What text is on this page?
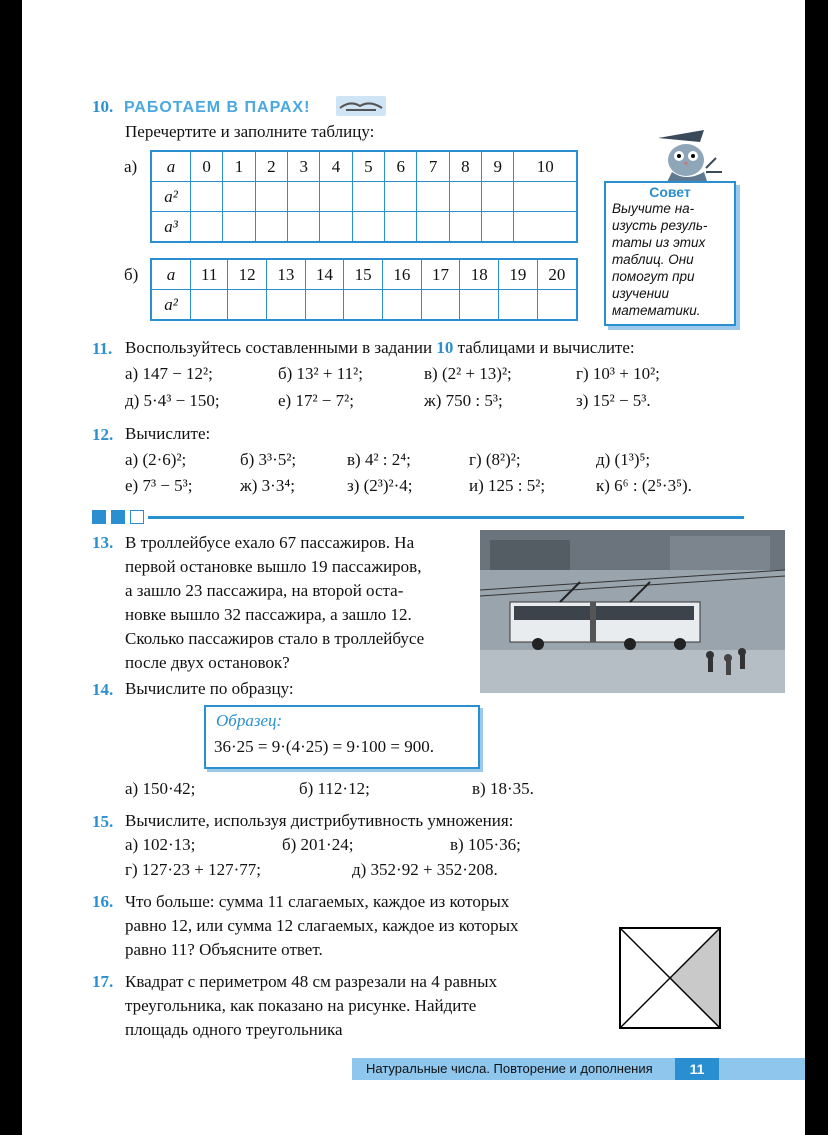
10. РАБОТАЕМ В ПАРАХ!
Перечертите и заполните таблицу:
а) a	0	1	2	3	4	5	6	7	8	9	10
a²											
a³											
б) a	11	12	13	14	15	16	17	18	19	20
a²										
Совет
Выучите на-
изусть резуль-
таты из этих
таблиц. Они
помогут при
изучении
математики.
11. Воспользуйтесь составленными в задании 10 таблицами и вычислите:
а) 147 − 12²;	б) 13² + 11²;	в) (2² + 13)²;	г) 10³ + 10²;
д) 5·4³ − 150;	е) 17² − 7²;	ж) 750 : 5³;	з) 15² − 5³.
12. Вычислите:
а) (2·6)²;	б) 3³·5²;	в) 4² : 2⁴;	г) (8²)²;	д) (1³)⁵;
е) 7³ − 5³;	ж) 3·3⁴;	з) (2³)²·4;	и) 125 : 5²;	к) 6⁶ : (2⁵·3⁵).
13. В троллейбусе ехало 67 пассажиров. На
первой остановке вышло 19 пассажиров,
а зашло 23 пассажира, на второй оста-
новке вышло 32 пассажира, а зашло 12.
Сколько пассажиров стало в троллейбусе
после двух остановок?
14. Вычислите по образцу:
Образец:
36·25 = 9·(4·25) = 9·100 = 900.
а) 150·42;	б) 112·12;	в) 18·35.
15. Вычислите, используя дистрибутивность умножения:
а) 102·13;	б) 201·24;	в) 105·36;
г) 127·23 + 127·77;	д) 352·92 + 352·208.
16. Что больше: сумма 11 слагаемых, каждое из которых
равно 12, или сумма 12 слагаемых, каждое из которых
равно 11? Объясните ответ.
17. Квадрат с периметром 48 см разрезали на 4 равных
треугольника, как показано на рисунке. Найдите
площадь одного треугольника
Натуральные числа. Повторение и дополнения	11
